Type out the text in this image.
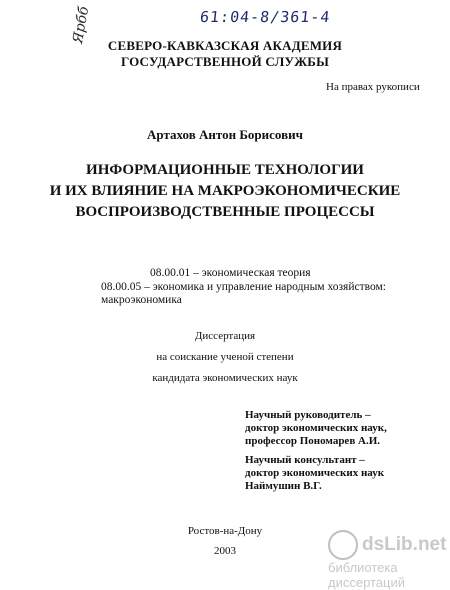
61:04-8/361-4
Ярбб
СЕВЕРО-КАВКАЗСКАЯ АКАДЕМИЯ
ГОСУДАРСТВЕННОЙ СЛУЖБЫ
На правах рукописи
Артахов Антон Борисович
ИНФОРМАЦИОННЫЕ ТЕХНОЛОГИИ
И ИХ ВЛИЯНИЕ НА МАКРОЭКОНОМИЧЕСКИЕ
ВОСПРОИЗВОДСТВЕННЫЕ ПРОЦЕССЫ
08.00.01 – экономическая теория
08.00.05 – экономика и управление народным хозяйством:
макроэкономика
Диссертация
на соискание ученой степени
кандидата экономических наук
Научный руководитель –
доктор экономических наук,
профессор Пономарев А.И.
Научный консультант –
доктор экономических наук
Наймушин В.Г.
Ростов-на-Дону
2003	dsLib.net
библиотека диссертаций
